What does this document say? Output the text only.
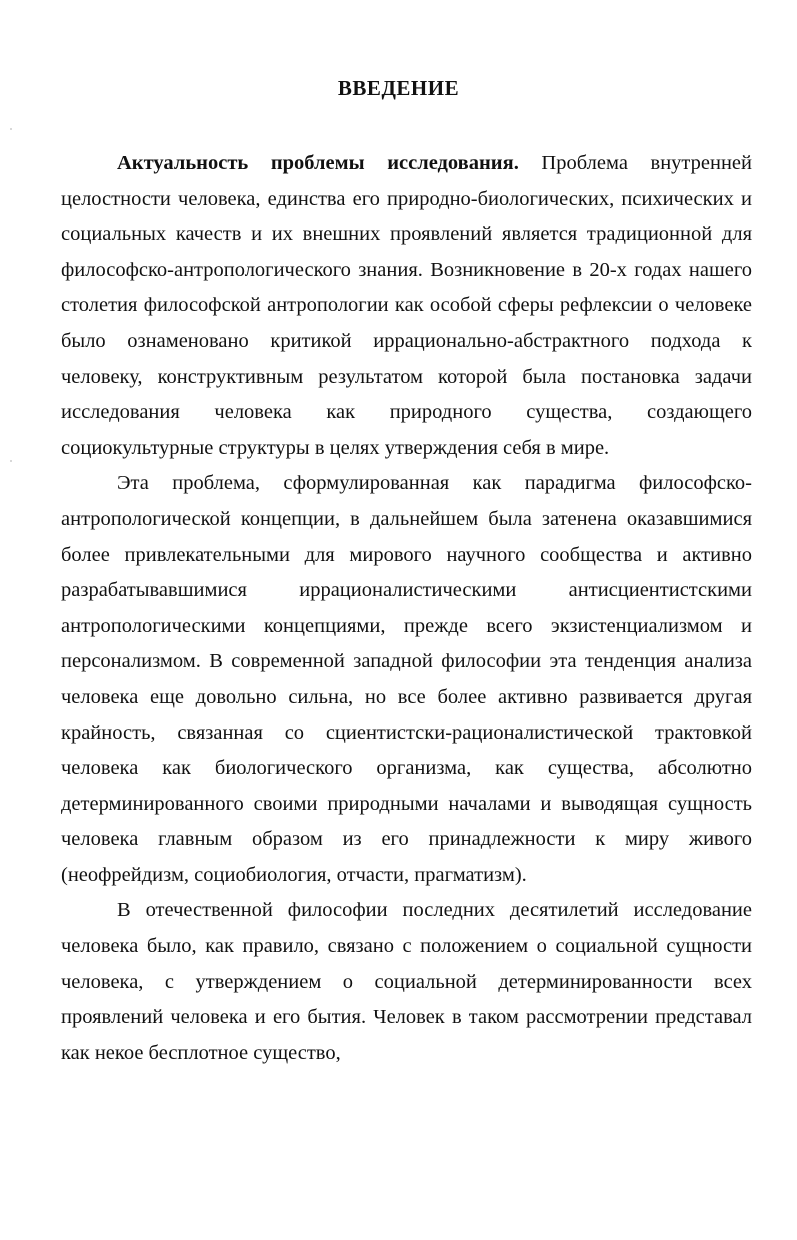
ВВЕДЕНИЕ

Актуальность проблемы исследования. Проблема внутренней целостности человека, единства его природно-биологических, психических и социальных качеств и их внешних проявлений является традиционной для философско-антропологического знания. Возникновение в 20-х годах нашего столетия философской антропологии как особой сферы рефлексии о человеке было ознаменовано критикой иррационально-абстрактного подхода к человеку, конструктивным результатом которой была постановка задачи исследования человека как природного существа, создающего социокультурные структуры в целях утверждения себя в мире.

Эта проблема, сформулированная как парадигма философско-антропологической концепции, в дальнейшем была затенена оказавшимися более привлекательными для мирового научного сообщества и активно разрабатывавшимися иррационалистическими антисциентистскими антропологическими концепциями, прежде всего экзистенциализмом и персонализмом. В современной западной философии эта тенденция анализа человека еще довольно сильна, но все более активно развивается другая крайность, связанная со сциентистски-рационалистической трактовкой человека как биологического организма, как существа, абсолютно детерминированного своими природными началами и выводящая сущность человека главным образом из его принадлежности к миру живого (неофрейдизм, социобиология, отчасти, прагматизм).

В отечественной философии последних десятилетий исследование человека было, как правило, связано с положением о социальной сущности человека, с утверждением о социальной детерминированности всех проявлений человека и его бытия. Человек в таком рассмотрении представал как некое бесплотное существо,
